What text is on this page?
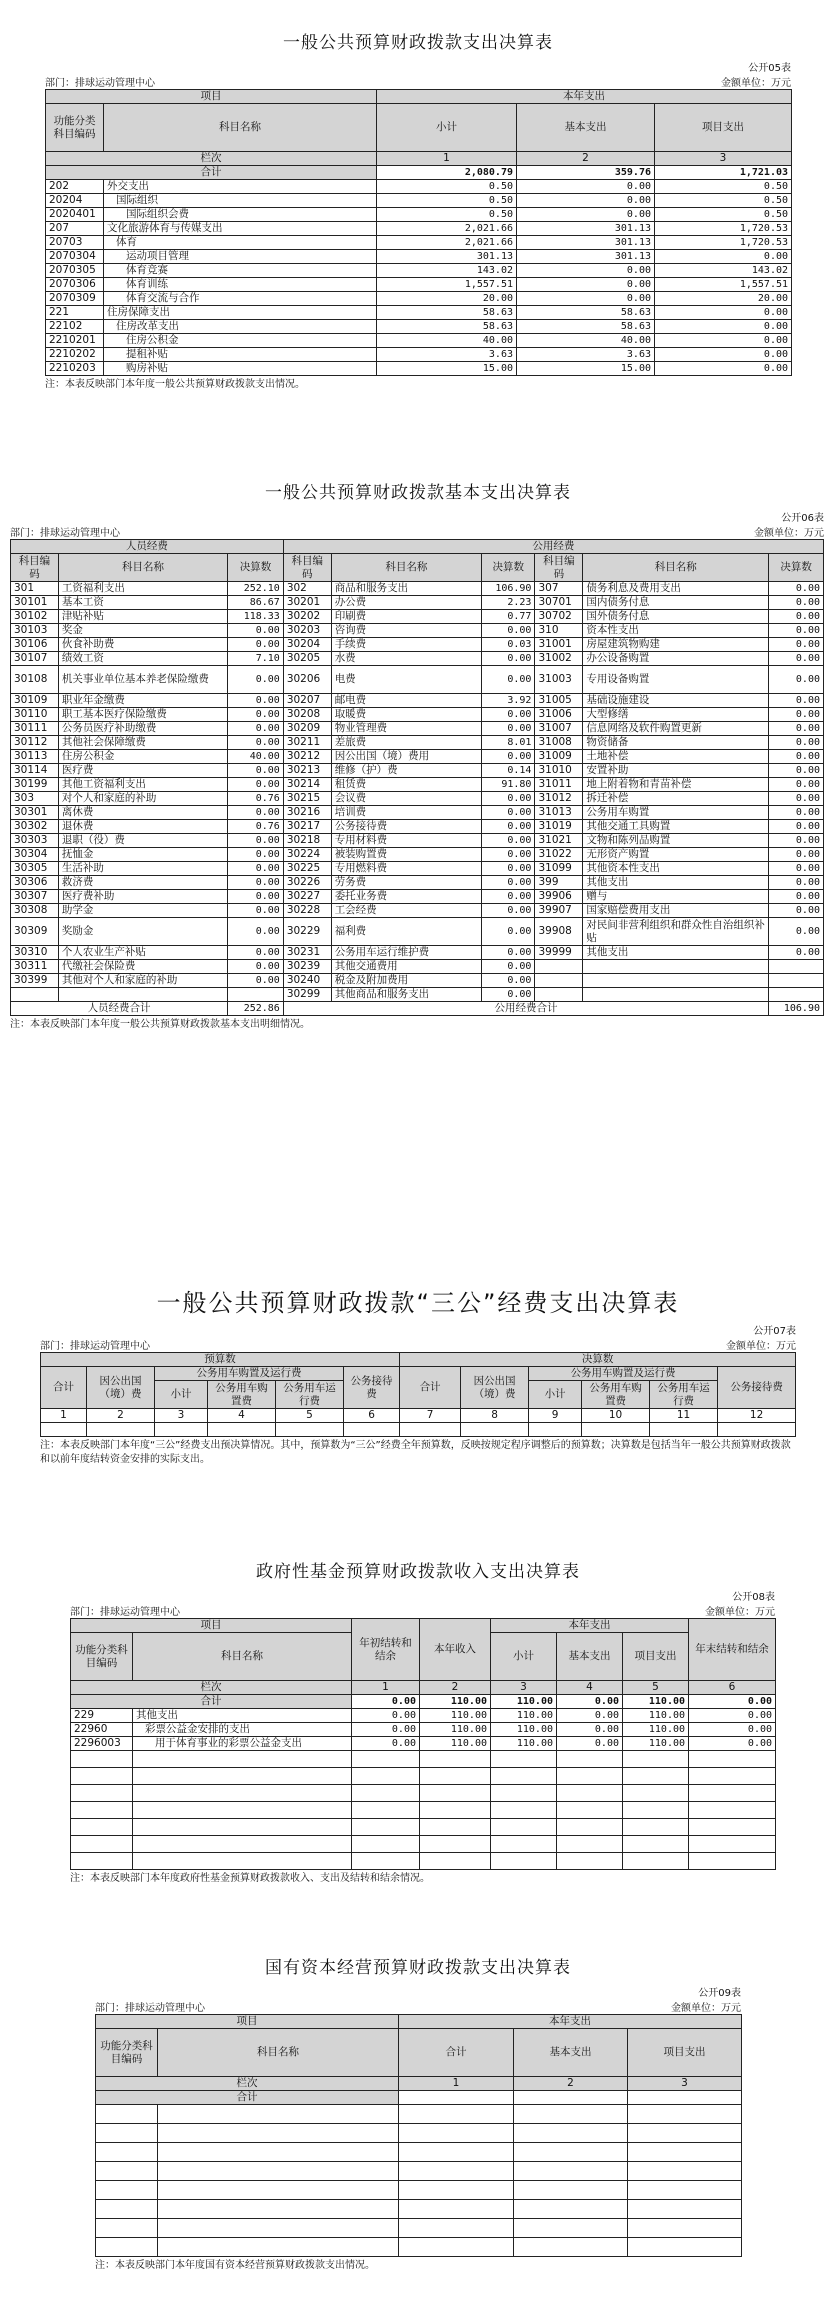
一般公共预算财政拨款支出决算表
公开05表
部门：排球运动管理中心	金额单位：万元
项目		本年支出		
功能分类科目编码	科目名称	小计	基本支出	项目支出
栏次		1	2	3
合计		2,080.79	359.76	1,721.03
202	外交支出	0.50	0.00	0.50
20204	国际组织	0.50	0.00	0.50
2020401	国际组织会费	0.50	0.00	0.50
207	文化旅游体育与传媒支出	2,021.66	301.13	1,720.53
20703	体育	2,021.66	301.13	1,720.53
2070304	运动项目管理	301.13	301.13	0.00
2070305	体育竞赛	143.02	0.00	143.02
2070306	体育训练	1,557.51	0.00	1,557.51
2070309	体育交流与合作	20.00	0.00	20.00
221	住房保障支出	58.63	58.63	0.00
22102	住房改革支出	58.63	58.63	0.00
2210201	住房公积金	40.00	40.00	0.00
2210202	提租补贴	3.63	3.63	0.00
2210203	购房补贴	15.00	15.00	0.00
注：本表反映部门本年度一般公共预算财政拨款支出情况。
一般公共预算财政拨款基本支出决算表
公开06表
部门：排球运动管理中心	金额单位：万元
人员经费			公用经费					
科目编码	科目名称	决算数	科目编码	科目名称	决算数	科目编码	科目名称	决算数
301	工资福利支出	252.10	302	商品和服务支出	106.90	307	债务利息及费用支出	0.00
30101	基本工资	86.67	30201	办公费	2.23	30701	国内债务付息	0.00
30102	津贴补贴	118.33	30202	印刷费	0.77	30702	国外债务付息	0.00
30103	奖金	0.00	30203	咨询费	0.00	310	资本性支出	0.00
30106	伙食补助费	0.00	30204	手续费	0.03	31001	房屋建筑物购建	0.00
30107	绩效工资	7.10	30205	水费	0.00	31002	办公设备购置	0.00
30108	机关事业单位基本养老保险缴费	0.00	30206	电费	0.00	31003	专用设备购置	0.00
30109	职业年金缴费	0.00	30207	邮电费	3.92	31005	基础设施建设	0.00
30110	职工基本医疗保险缴费	0.00	30208	取暖费	0.00	31006	大型修缮	0.00
30111	公务员医疗补助缴费	0.00	30209	物业管理费	0.00	31007	信息网络及软件购置更新	0.00
30112	其他社会保障缴费	0.00	30211	差旅费	8.01	31008	物资储备	0.00
30113	住房公积金	40.00	30212	因公出国（境）费用	0.00	31009	土地补偿	0.00
30114	医疗费	0.00	30213	维修（护）费	0.14	31010	安置补助	0.00
30199	其他工资福利支出	0.00	30214	租赁费	91.80	31011	地上附着物和青苗补偿	0.00
303	对个人和家庭的补助	0.76	30215	会议费	0.00	31012	拆迁补偿	0.00
30301	离休费	0.00	30216	培训费	0.00	31013	公务用车购置	0.00
30302	退休费	0.76	30217	公务接待费	0.00	31019	其他交通工具购置	0.00
30303	退职（役）费	0.00	30218	专用材料费	0.00	31021	文物和陈列品购置	0.00
30304	抚恤金	0.00	30224	被装购置费	0.00	31022	无形资产购置	0.00
30305	生活补助	0.00	30225	专用燃料费	0.00	31099	其他资本性支出	0.00
30306	救济费	0.00	30226	劳务费	0.00	399	其他支出	0.00
30307	医疗费补助	0.00	30227	委托业务费	0.00	39906	赠与	0.00
30308	助学金	0.00	30228	工会经费	0.00	39907	国家赔偿费用支出	0.00
30309	奖励金	0.00	30229	福利费	0.00	39908	对民间非营利组织和群众性自治组织补贴	0.00
30310	个人农业生产补贴	0.00	30231	公务用车运行维护费	0.00	39999	其他支出	0.00
30311	代缴社会保险费	0.00	30239	其他交通费用	0.00			
30399	其他对个人和家庭的补助	0.00	30240	税金及附加费用	0.00			
			30299	其他商品和服务支出	0.00			
人员经费合计		252.86	公用经费合计					106.90
注：本表反映部门本年度一般公共预算财政拨款基本支出明细情况。
一般公共预算财政拨款“三公”经费支出决算表
公开07表
部门：排球运动管理中心	金额单位：万元
预算数						决算数					
合计	因公出国（境）费	公务用车购置及运行费			公务接待费	合计	因公出国（境）费	公务用车购置及运行费			公务接待费
		小计	公务用车购置费	公务用车运行费				小计	公务用车购置费	公务用车运行费	
1	2	3	4	5	6	7	8	9	10	11	12

注：本表反映部门本年度“三公”经费支出预决算情况。其中，预算数为“三公”经费全年预算数，反映按规定程序调整后的预算数；决算数是包括当年一般公共预算财政拨款和以前年度结转资金安排的实际支出。
政府性基金预算财政拨款收入支出决算表
公开08表
部门：排球运动管理中心	金额单位：万元
项目		年初结转和结余	本年收入	本年支出			年末结转和结余
功能分类科目编码	科目名称			小计	基本支出	项目支出	
栏次		1	2	3	4	5	6
合计		0.00	110.00	110.00	0.00	110.00	0.00
229	其他支出	0.00	110.00	110.00	0.00	110.00	0.00
22960	彩票公益金安排的支出	0.00	110.00	110.00	0.00	110.00	0.00
2296003	用于体育事业的彩票公益金支出	0.00	110.00	110.00	0.00	110.00	0.00

注：本表反映部门本年度政府性基金预算财政拨款收入、支出及结转和结余情况。
国有资本经营预算财政拨款支出决算表
公开09表
部门：排球运动管理中心	金额单位：万元
项目		本年支出		
功能分类科目编码	科目名称	合计	基本支出	项目支出
栏次		1	2	3
合计				

注：本表反映部门本年度国有资本经营预算财政拨款支出情况。
